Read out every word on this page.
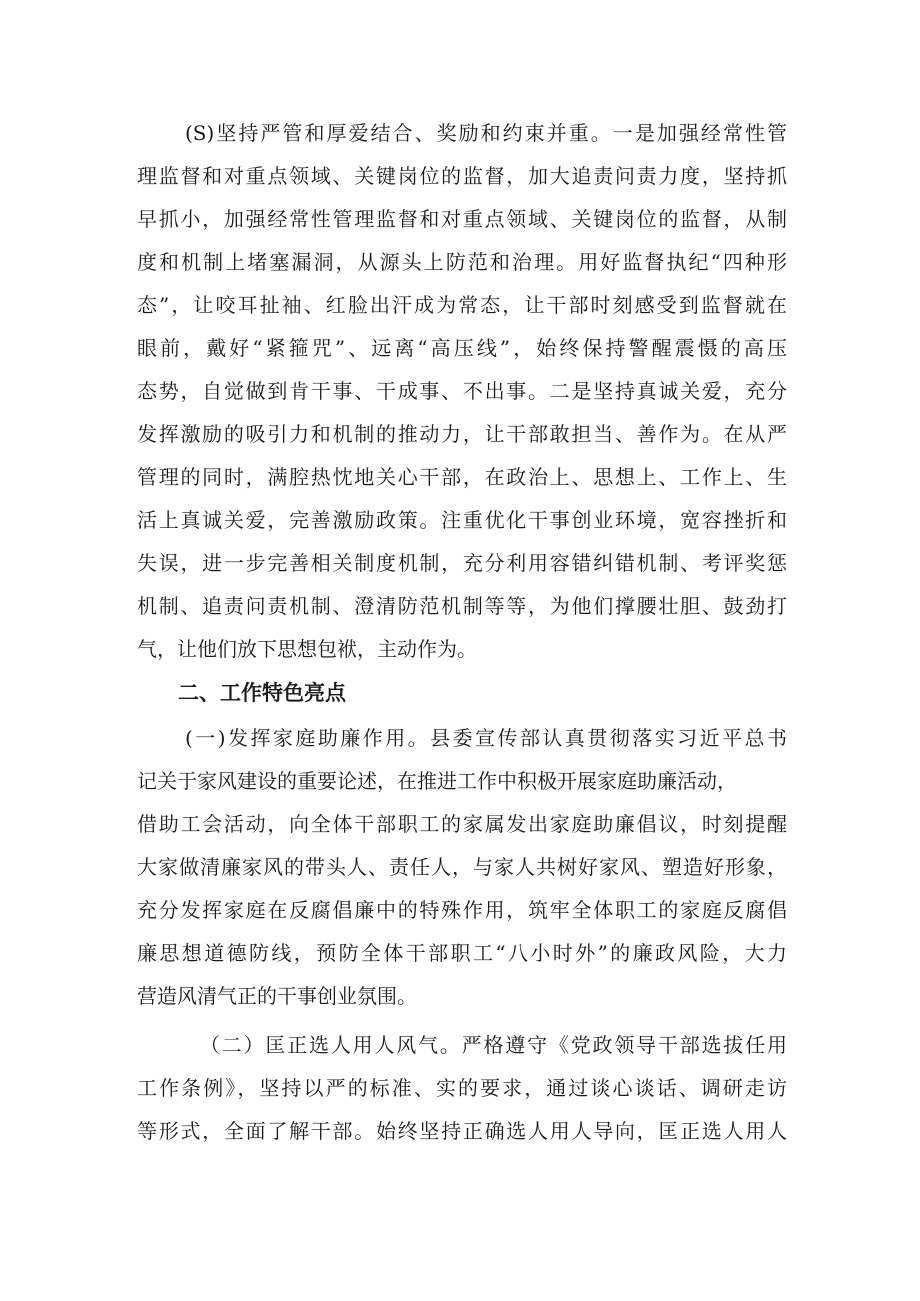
(S)坚持严管和厚爱结合、奖励和约束并重。一是加强经常性管
理监督和对重点领域、关键岗位的监督，加大追责问责力度，坚持抓
早抓小，加强经常性管理监督和对重点领域、关键岗位的监督，从制
度和机制上堵塞漏洞，从源头上防范和治理。用好监督执纪“四种形
态”，让咬耳扯袖、红脸出汗成为常态，让干部时刻感受到监督就在
眼前，戴好“紧箍咒”、远离“高压线”，始终保持警醒震慑的高压
态势，自觉做到肯干事、干成事、不出事。二是坚持真诚关爱，充分
发挥激励的吸引力和机制的推动力，让干部敢担当、善作为。在从严
管理的同时，满腔热忱地关心干部，在政治上、思想上、工作上、生
活上真诚关爱，完善激励政策。注重优化干事创业环境，宽容挫折和
失误，进一步完善相关制度机制，充分利用容错纠错机制、考评奖惩
机制、追责问责机制、澄清防范机制等等，为他们撑腰壮胆、鼓劲打
气，让他们放下思想包袱，主动作为。
二、工作特色亮点
(一)发挥家庭助廉作用。县委宣传部认真贯彻落实习近平总书
记关于家风建设的重要论述，在推进工作中积极开展家庭助廉活动，
借助工会活动，向全体干部职工的家属发出家庭助廉倡议，时刻提醒
大家做清廉家风的带头人、责任人，与家人共树好家风、塑造好形象，
充分发挥家庭在反腐倡廉中的特殊作用，筑牢全体职工的家庭反腐倡
廉思想道德防线，预防全体干部职工“八小时外”的廉政风险，大力
营造风清气正的干事创业氛围。
（二）匡正选人用人风气。严格遵守《党政领导干部选拔任用
工作条例》，坚持以严的标准、实的要求，通过谈心谈话、调研走访
等形式，全面了解干部。始终坚持正确选人用人导向，匡正选人用人
